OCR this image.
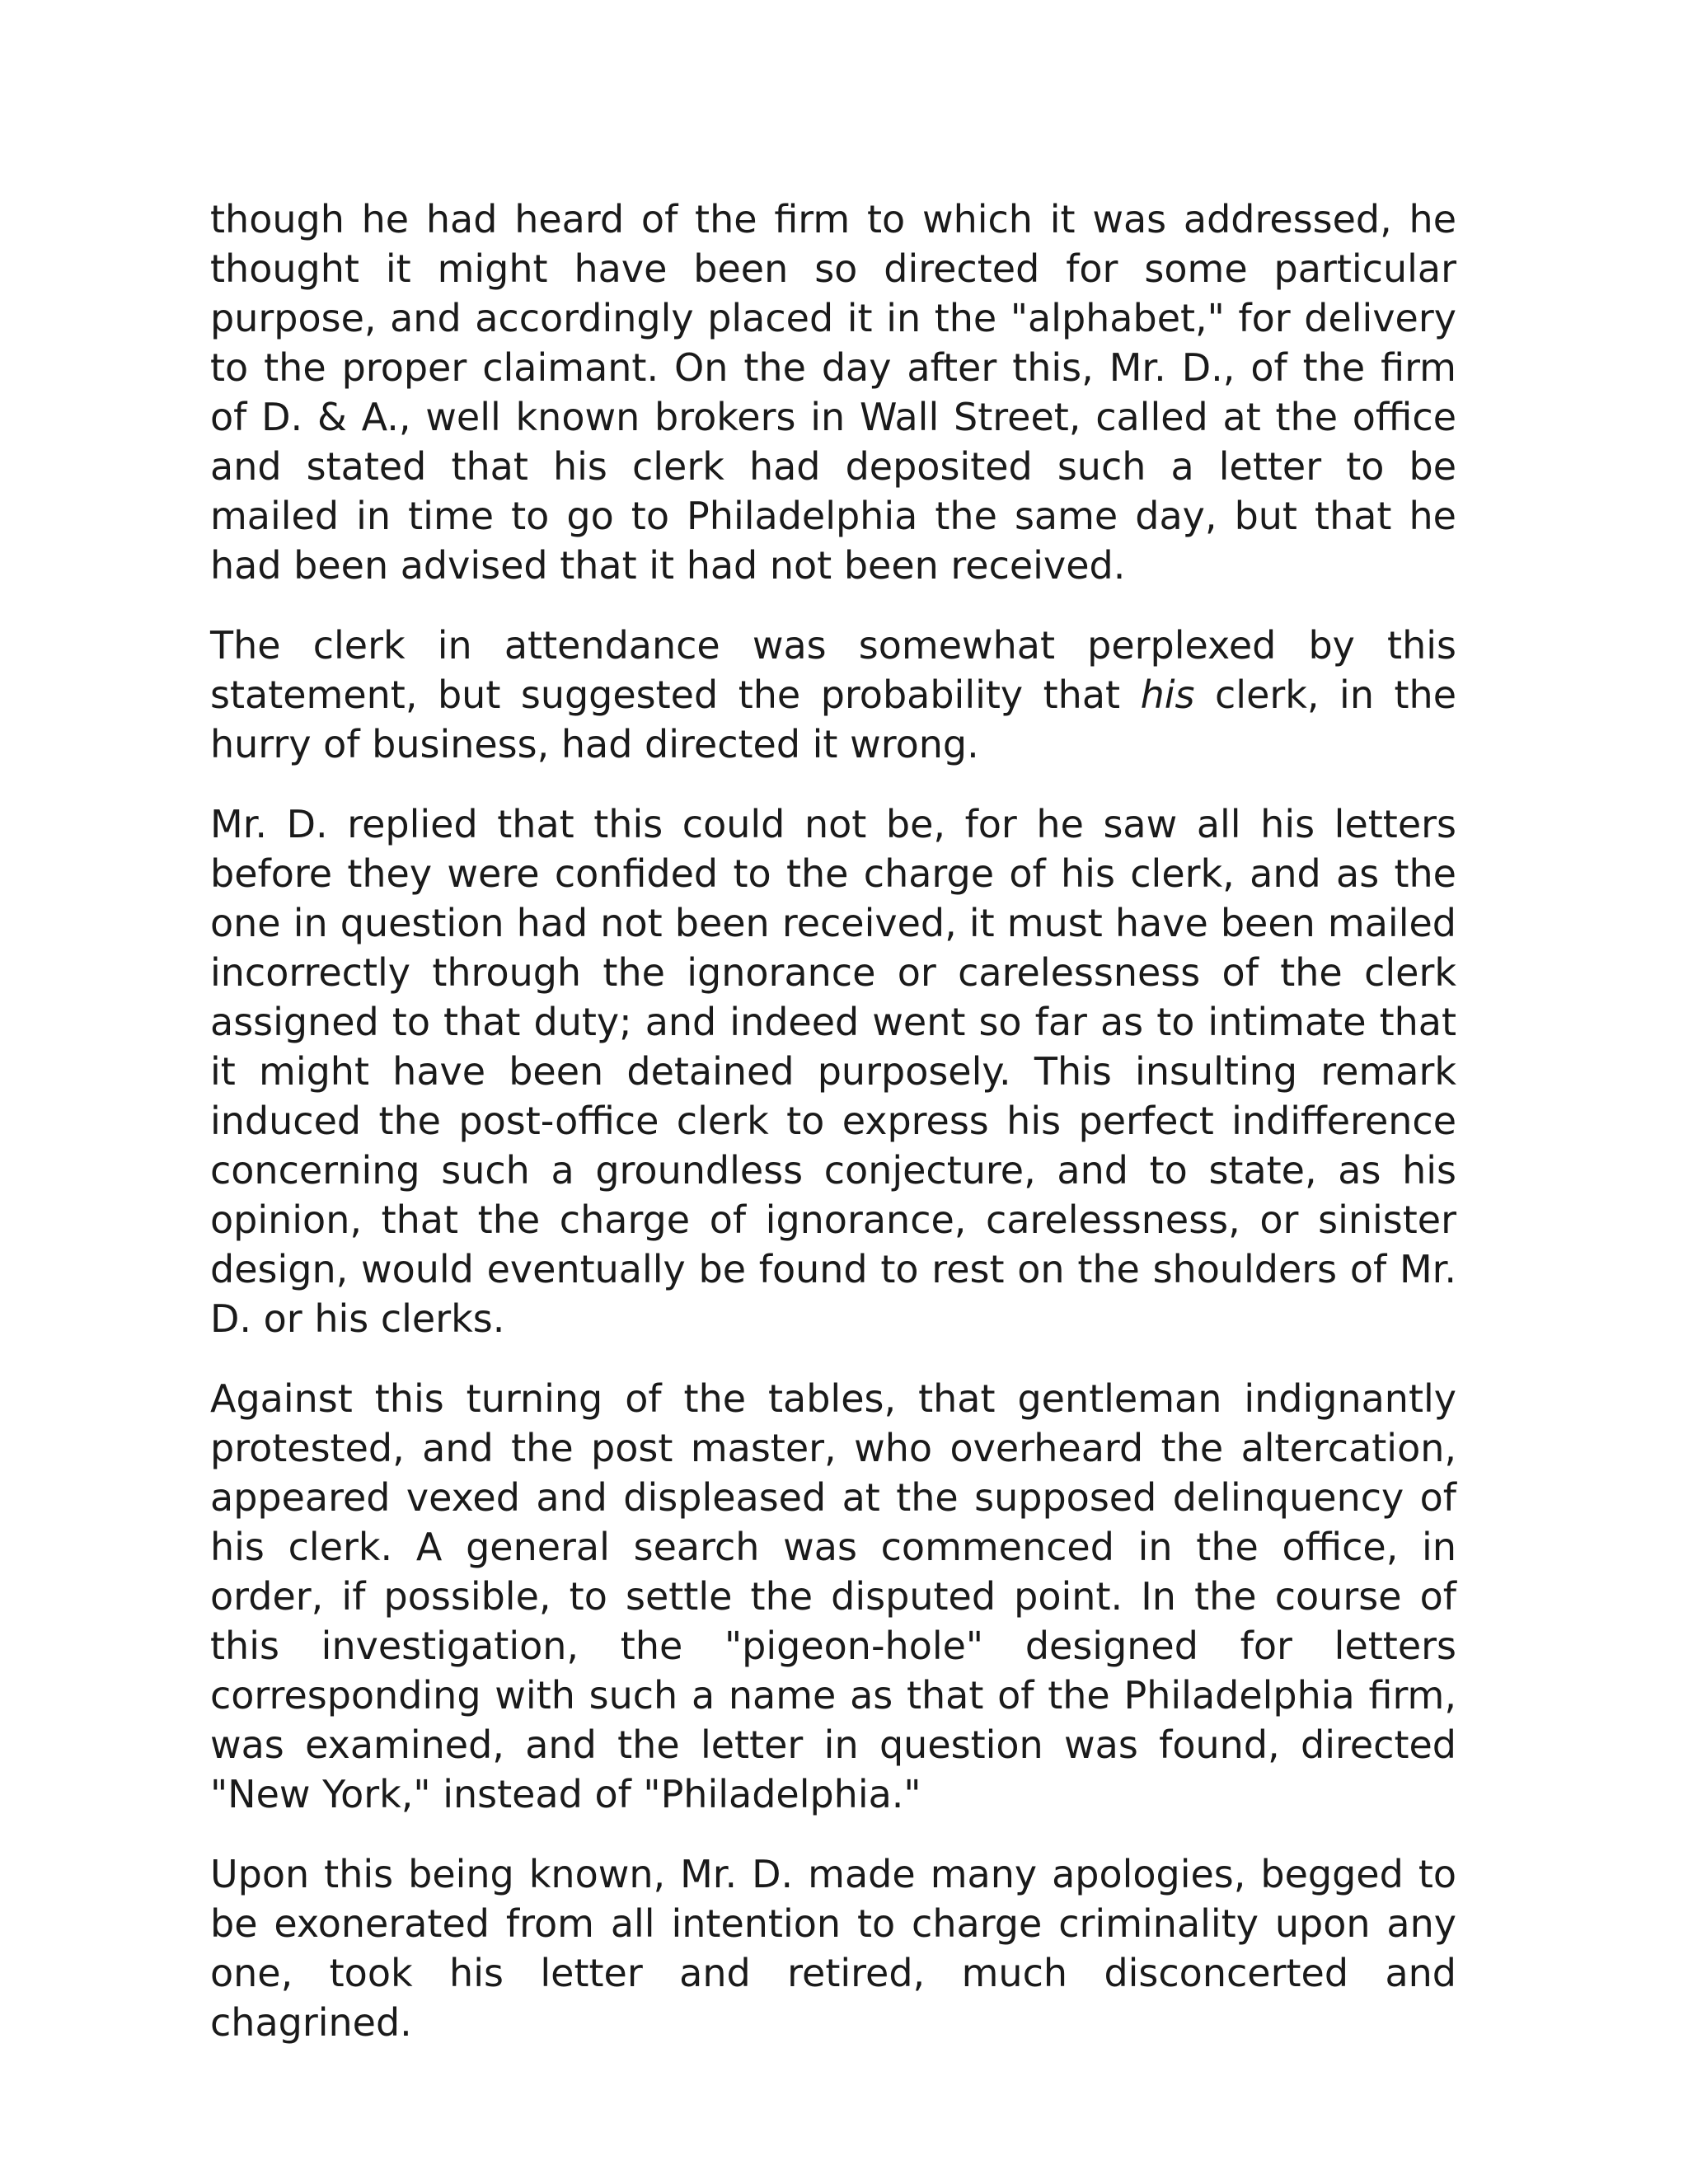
though he had heard of the firm to which it was addressed, he thought it might have been so directed for some particular purpose, and accordingly placed it in the "alphabet," for delivery to the proper claimant. On the day after this, Mr. D., of the firm of D. & A., well known brokers in Wall Street, called at the office and stated that his clerk had deposited such a letter to be mailed in time to go to Philadelphia the same day, but that he had been advised that it had not been received.

The clerk in attendance was somewhat perplexed by this statement, but suggested the probability that his clerk, in the hurry of business, had directed it wrong.

Mr. D. replied that this could not be, for he saw all his letters before they were confided to the charge of his clerk, and as the one in question had not been received, it must have been mailed incorrectly through the ignorance or carelessness of the clerk assigned to that duty; and indeed went so far as to intimate that it might have been detained purposely. This insulting remark induced the post-office clerk to express his perfect indifference concerning such a groundless conjecture, and to state, as his opinion, that the charge of ignorance, carelessness, or sinister design, would eventually be found to rest on the shoulders of Mr. D. or his clerks.

Against this turning of the tables, that gentleman indignantly protested, and the post master, who overheard the altercation, appeared vexed and displeased at the supposed delinquency of his clerk. A general search was commenced in the office, in order, if possible, to settle the disputed point. In the course of this investigation, the "pigeon-hole" designed for letters corresponding with such a name as that of the Philadelphia firm, was examined, and the letter in question was found, directed "New York," instead of "Philadelphia."

Upon this being known, Mr. D. made many apologies, begged to be exonerated from all intention to charge criminality upon any one, took his letter and retired, much disconcerted and chagrined.
